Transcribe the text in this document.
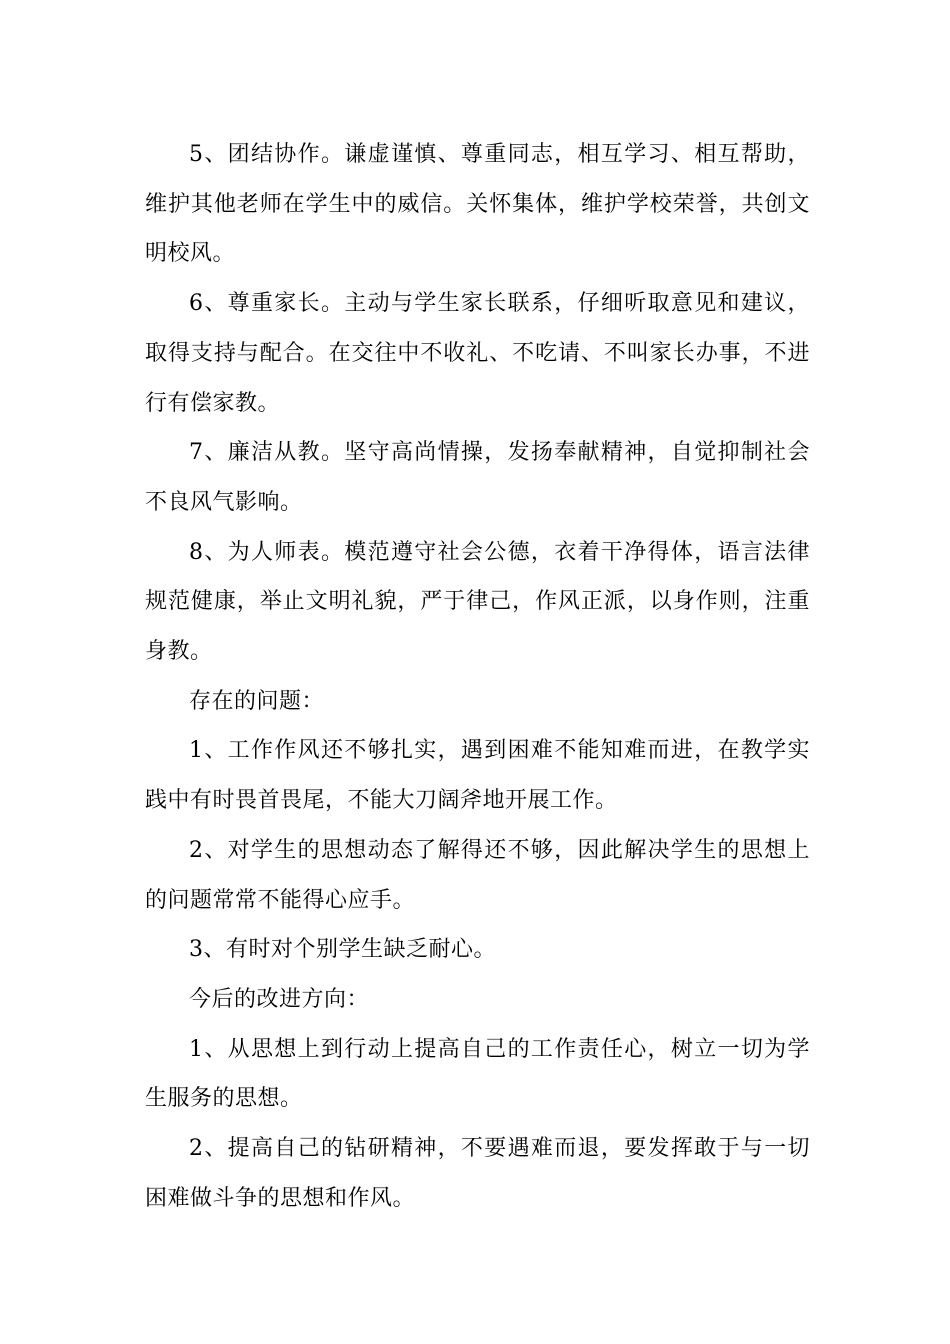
5、团结协作。谦虚谨慎、尊重同志，相互学习、相互帮助，维护其他老师在学生中的威信。关怀集体，维护学校荣誉，共创文明校风。

6、尊重家长。主动与学生家长联系，仔细听取意见和建议，取得支持与配合。在交往中不收礼、不吃请、不叫家长办事，不进行有偿家教。

7、廉洁从教。坚守高尚情操，发扬奉献精神，自觉抑制社会不良风气影响。

8、为人师表。模范遵守社会公德，衣着干净得体，语言法律规范健康，举止文明礼貌，严于律己，作风正派，以身作则，注重身教。

存在的问题：

1、工作作风还不够扎实，遇到困难不能知难而进，在教学实践中有时畏首畏尾，不能大刀阔斧地开展工作。

2、对学生的思想动态了解得还不够，因此解决学生的思想上的问题常常不能得心应手。

3、有时对个别学生缺乏耐心。

今后的改进方向：

1、从思想上到行动上提高自己的工作责任心，树立一切为学生服务的思想。

2、提高自己的钻研精神，不要遇难而退，要发挥敢于与一切困难做斗争的思想和作风。
